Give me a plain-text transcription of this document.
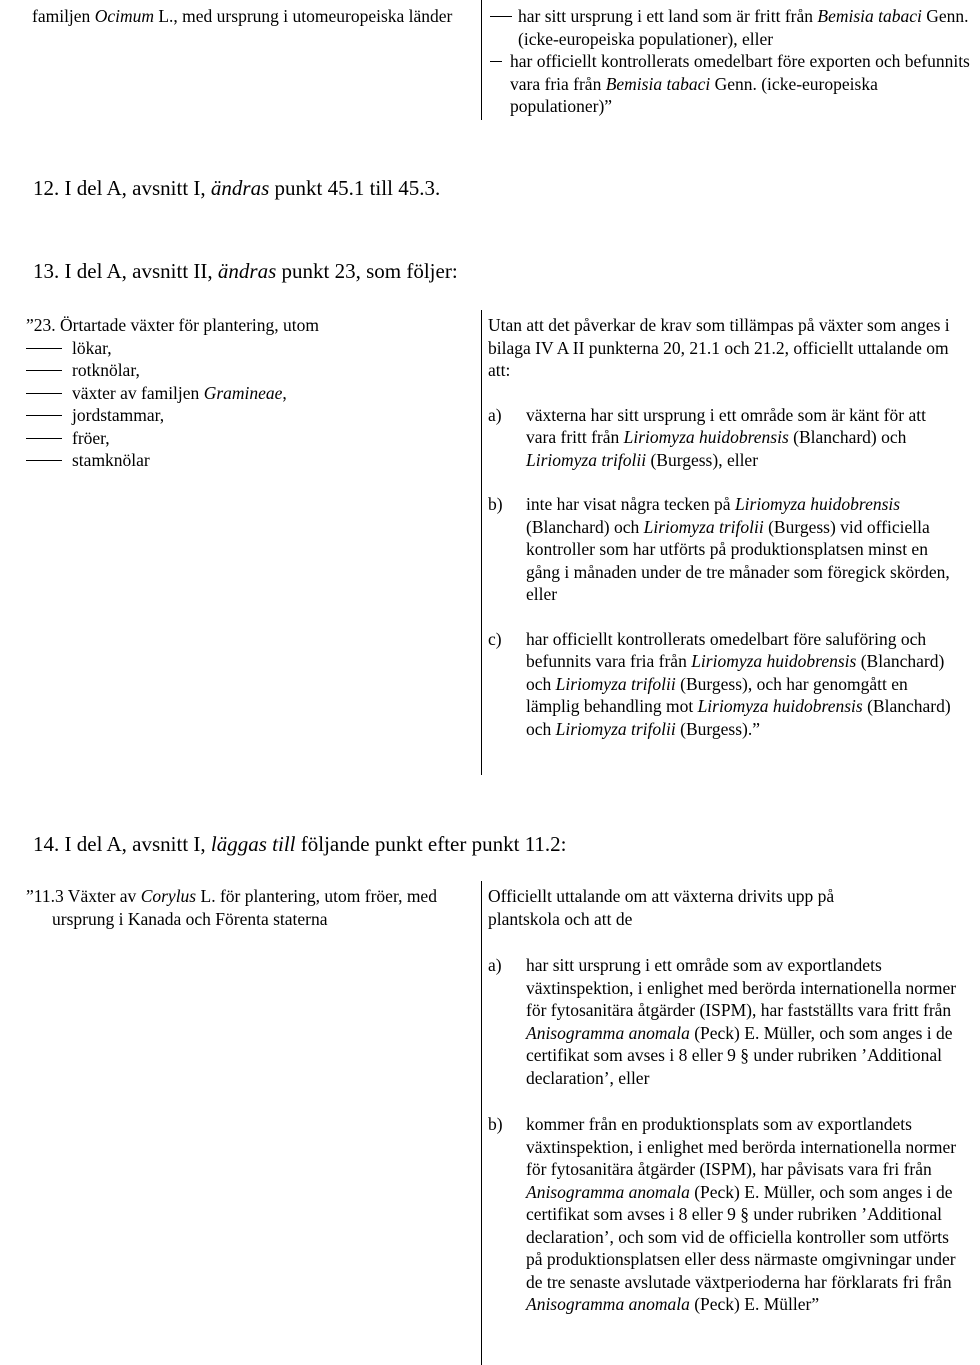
familjen Ocimum L., med ursprung i utomeuropeiska länder	har sitt ursprung i ett land som är fritt från Bemisia tabaci Genn. (icke-europeiska populationer), eller
har officiellt kontrollerats omedelbart före exporten och befunnits vara fria från Bemisia tabaci Genn. (icke-europeiska populationer)”
12. I del A, avsnitt I, ändras punkt 45.1 till 45.3.
13. I del A, avsnitt II, ändras punkt 23, som följer:
”23. Örtartade växter för plantering, utom
lökar,
rotknölar,
växter av familjen Gramineae,
jordstammar,
fröer,
stamknölar

Utan att det påverkar de krav som tillämpas på växter som anges i bilaga IV A II punkterna 20, 21.1 och 21.2, officiellt uttalande om att:

a) växterna har sitt ursprung i ett område som är känt för att vara fritt från Liriomyza huidobrensis (Blanchard) och Liriomyza trifolii (Burgess), eller
b) inte har visat några tecken på Liriomyza huidobrensis (Blanchard) och Liriomyza trifolii (Burgess) vid officiella kontroller som har utförts på produktionsplatsen minst en gång i månaden under de tre månader som föregick skörden, eller
c) har officiellt kontrollerats omedelbart före saluföring och befunnits vara fria från Liriomyza huidobrensis (Blanchard) och Liriomyza trifolii (Burgess), och har genomgått en lämplig behandling mot Liriomyza huidobrensis (Blanchard) och Liriomyza trifolii (Burgess).”
14. I del A, avsnitt I, läggas till följande punkt efter punkt 11.2:
”11.3 Växter av Corylus L. för plantering, utom fröer, med ursprung i Kanada och Förenta staterna

Officiellt uttalande om att växterna drivits upp på plantskola och att de

a) har sitt ursprung i ett område som av exportlandets växtinspektion, i enlighet med berörda internationella normer för fytosanitära åtgärder (ISPM), har fastställts vara fritt från Anisogramma anomala (Peck) E. Müller, och som anges i de certifikat som avses i 8 eller 9 § under rubriken ’Additional declaration’, eller
b) kommer från en produktionsplats som av exportlandets växtinspektion, i enlighet med berörda internationella normer för fytosanitära åtgärder (ISPM), har påvisats vara fri från Anisogramma anomala (Peck) E. Müller, och som anges i de certifikat som avses i 8 eller 9 § under rubriken ’Additional declaration’, och som vid de officiella kontroller som utförts på produktionsplatsen eller dess närmaste omgivningar under de tre senaste avslutade växtperioderna har förklarats fri från Anisogramma anomala (Peck) E. Müller”
